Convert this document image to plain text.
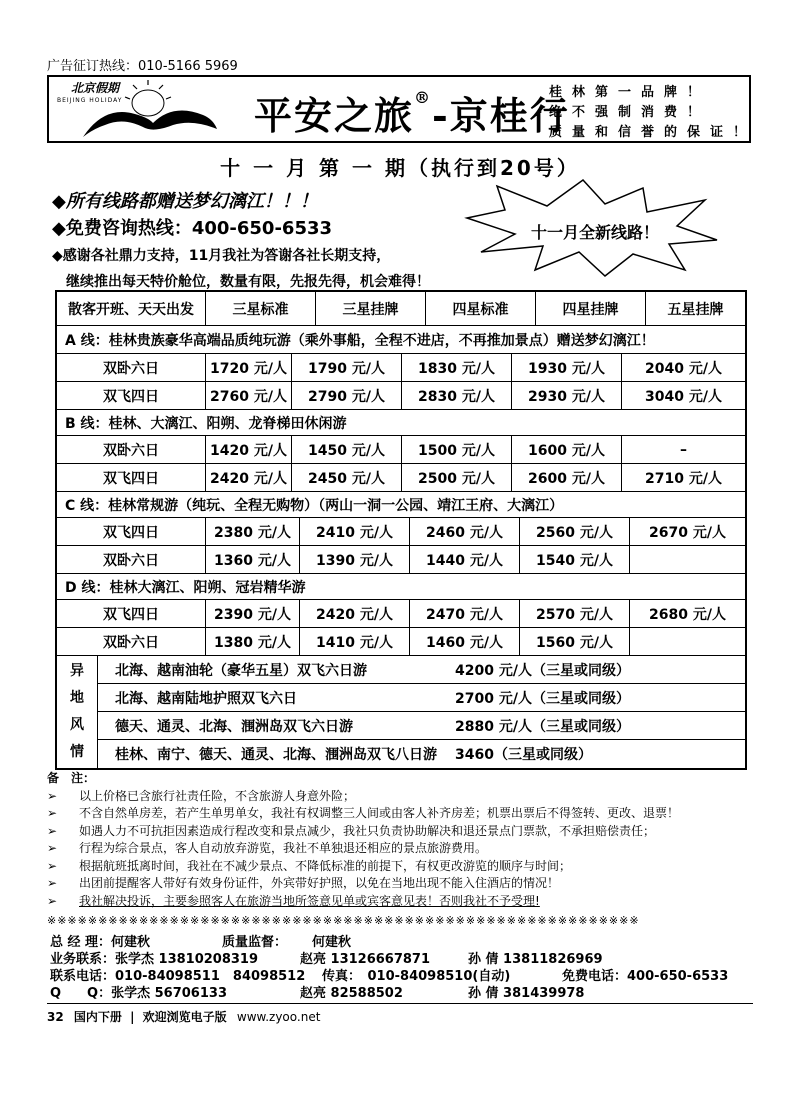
广告征订热线：010-5166 5969
北京假期
BEIJING HOLIDAY	平安之旅®-京桂行
桂林第一品牌！
绝不强制消费！
质量和信誉的保证！
十 一 月 第 一 期（执行到20号）
◆所有线路都赠送梦幻漓江！！！
◆免费咨询热线：400-650-6533
◆感谢各社鼎力支持，11月我社为答谢各社长期支持，
继续推出每天特价舱位，数量有限，先报先得，机会难得！
十一月全新线路！
散客开班、天天出发	三星标准	三星挂牌	四星标准	四星挂牌	五星挂牌
A 线：桂林贵族豪华高端品质纯玩游（乘外事船，全程不进店，不再推加景点）赠送梦幻漓江！
双卧六日	1720 元/人	1790 元/人	1830 元/人	1930 元/人	2040 元/人
双飞四日	2760 元/人	2790 元/人	2830 元/人	2930 元/人	3040 元/人
B 线：桂林、大漓江、阳朔、龙脊梯田休闲游
双卧六日	1420 元/人	1450 元/人	1500 元/人	1600 元/人	–
双飞四日	2420 元/人	2450 元/人	2500 元/人	2600 元/人	2710 元/人
C 线：桂林常规游（纯玩、全程无购物）（两山一洞一公园、靖江王府、大漓江）
双飞四日	2380 元/人	2410 元/人	2460 元/人	2560 元/人	2670 元/人
双卧六日	1360 元/人	1390 元/人	1440 元/人	1540 元/人
D 线：桂林大漓江、阳朔、冠岩精华游
双飞四日	2390 元/人	2420 元/人	2470 元/人	2570 元/人	2680 元/人
双卧六日	1380 元/人	1410 元/人	1460 元/人	1560 元/人
异
地
风
情
北海、越南油轮（豪华五星）双飞六日游	4200 元/人（三星或同级）
北海、越南陆地护照双飞六日	2700 元/人（三星或同级）
德天、通灵、北海、涠洲岛双飞六日游	2880 元/人（三星或同级）
桂林、南宁、德天、通灵、北海、涠洲岛双飞八日游 3460（三星或同级）
备　注：
➢ 以上价格已含旅行社责任险，不含旅游人身意外险；
➢ 不含自然单房差，若产生单男单女，我社有权调整三人间或由客人补齐房差；机票出票后不得签转、更改、退票！
➢ 如遇人力不可抗拒因素造成行程改变和景点减少，我社只负责协助解决和退还景点门票款，不承担赔偿责任；
➢ 行程为综合景点，客人自动放弃游览，我社不单独退还相应的景点旅游费用。
➢ 根据航班抵离时间，我社在不减少景点、不降低标准的前提下，有权更改游览的顺序与时间；
➢ 出团前提醒客人带好有效身份证件，外宾带好护照，以免在当地出现不能入住酒店的情况！
➢ 我社解决投诉，主要参照客人在旅游当地所签意见单或宾客意见表！否则我社不予受理!
※※※※※※※※※※※※※※※※※※※※※※※※※※※※※※※※※※※※※※※※※※※※※※※※※※※※※※※※※※
总 经 理：何建秋	质量监督： 何建秋
业务联系：张学杰 13810208319	赵亮 13126667871	孙 倩 13811826969
联系电话：010-84098511　84098512 传真：　010-84098510(自动)	免费电话：400-650-6533
Q　　Q：张学杰 56706133	赵亮 82588502	孙 倩 381439978
32 国内下册 | 欢迎浏览电子版 www.zyoo.net
